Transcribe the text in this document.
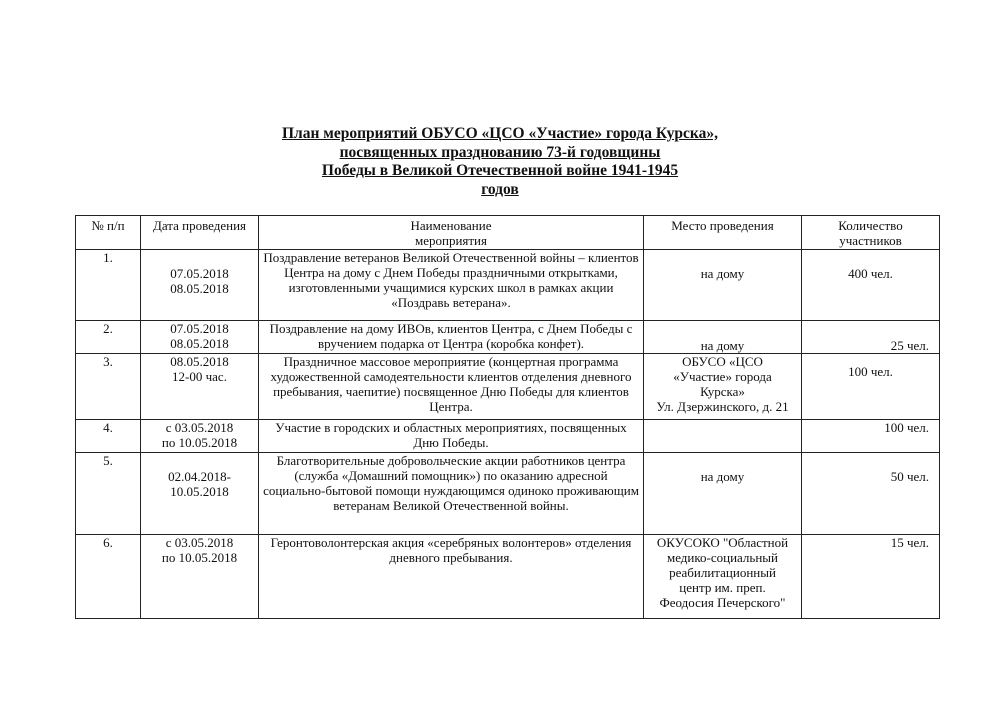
План мероприятий ОБУСО «ЦСО «Участие» города Курска»,
посвященных празднованию 73-й годовщины
Победы в Великой Отечественной войне 1941-1945
годов
№ п/п	Дата проведения	Наименование
мероприятия	Место проведения	Количество
участников
1.	07.05.2018
08.05.2018	Поздравление ветеранов Великой Отечественной войны – клиентов Центра на дому с Днем Победы праздничными открытками, изготовленными учащимися курских школ в рамках акции «Поздравь ветерана».	на дому	400 чел.
2.	07.05.2018
08.05.2018	Поздравление на дому ИВОв, клиентов Центра, с Днем Победы с вручением подарка от Центра (коробка конфет).	на дому	25 чел.
3.	08.05.2018
12-00 час.	Праздничное массовое мероприятие (концертная программа художественной самодеятельности клиентов отделения дневного пребывания, чаепитие) посвященное Дню Победы для клиентов Центра.	ОБУСО «ЦСО
«Участие» города
Курска»
Ул. Дзержинского, д. 21	100 чел.
4.	с 03.05.2018
по 10.05.2018	Участие в городских и областных мероприятиях, посвященных Дню Победы.		100 чел.
5.	02.04.2018-
10.05.2018	Благотворительные добровольческие акции работников центра (служба «Домашний помощник») по оказанию адресной социально-бытовой помощи нуждающимся одиноко проживающим ветеранам Великой Отечественной войны.	на дому	50 чел.
6.	с 03.05.2018
по 10.05.2018	Геронтоволонтерская акция «серебряных волонтеров» отделения дневного пребывания.	ОКУСОКО "Областной
медико-социальный
реабилитационный
центр им. преп.
Феодосия Печерского"	15 чел.
